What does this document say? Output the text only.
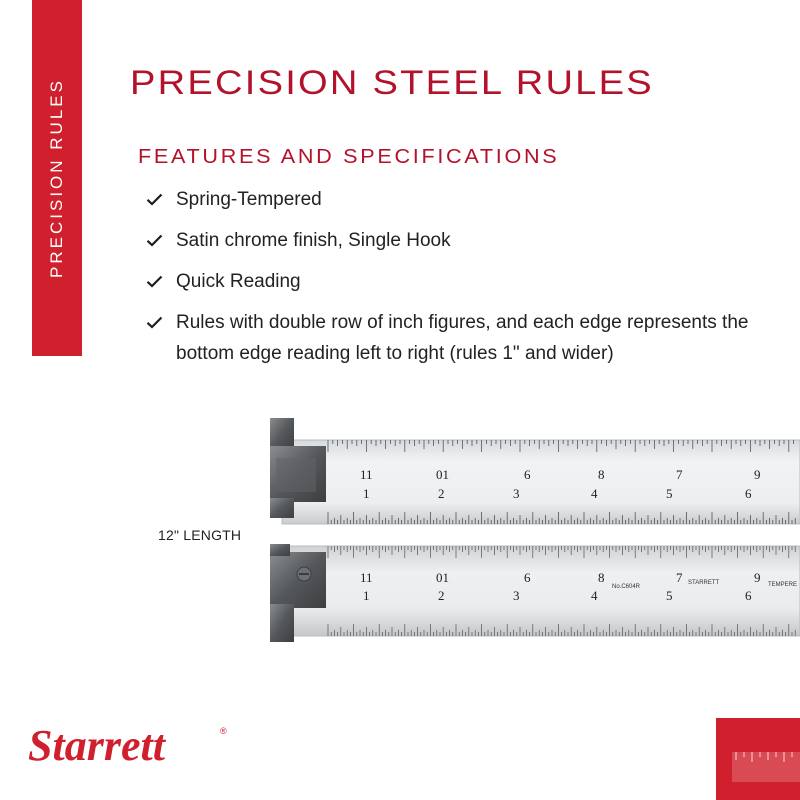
PRECISION RULES PRECISION STEEL RULES
FEATURES AND SPECIFICATIONS
Spring-Tempered
Satin chrome finish, Single Hook
Quick Reading
Rules with double row of inch figures, and each edge represents the bottom edge reading left to right (rules 1" and wider)
12" LENGTH
11	01	6	8	7	9
1	2	3	4	5	6
11	01	6	8	7	9
1	2	3	4	5	6
No.C604R
STARRETT	TEMPERE
Starrett	®
